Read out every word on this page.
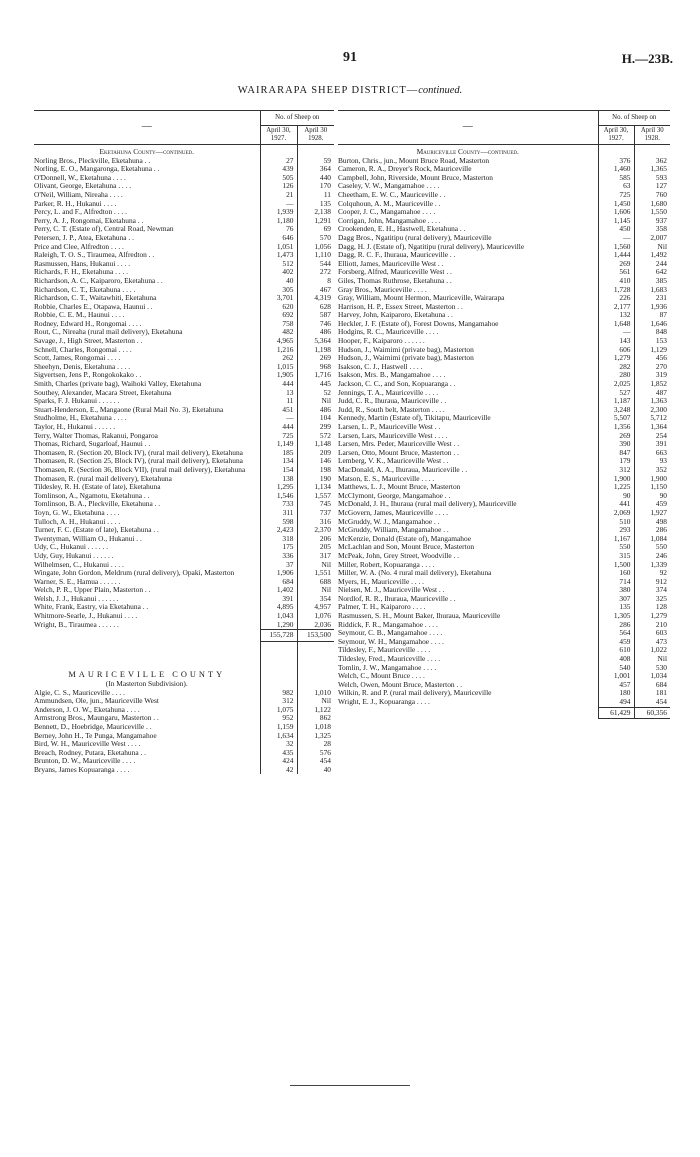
91	H.—23B.
WAIRARAPA SHEEP DISTRICT—continued.
—	No. of Sheep on	
	April 30,
1927.	April 30
1928.
Eketahuna County—continued.		
Norling Bros., Pleckville, Eketahuna . .	27	59
Norling, E. O., Mangaronga, Eketahuna . .	439	364
O'Donnell, W., Eketahuna . . . .	505	440
Olivant, George, Eketahuna . . . .	126	170
O'Neil, William, Nireaha . . . .	21	11
Parker, R. H., Hukanui . . . .	—	135
Percy, L. and F., Alfredton . . . .	1,939	2,138
Perry, A. J., Rongomai, Eketahuna . .	1,180	1,291
Perry, C. T. (Estate of), Central Road, Newman	76	69
Petersen, J. P., Atea, Eketahuna . .	646	570
Price and Clee, Alfredton . . . .	1,051	1,056
Raleigh, T. O. S., Tiraumea, Alfredton . .	1,473	1,110
Rasmussen, Hans, Hukanui . . . .	512	544
Richards, F. H., Eketahuna . . . .	402	272
Richardson, A. C., Kaiparoro, Eketahuna . .	40	8
Richardson, C. T., Eketahuna . . . .	305	467
Richardson, C. T., Waitawhiti, Eketahuna	3,701	4,319
Robbie, Charles E., Otapawa, Haunui . .	620	628
Robbie, C. E. M., Haunui . . . .	692	587
Rodney, Edward H., Rongomai . . . .	758	746
Rout, C., Nireaha (rural mail delivery), Eketahuna	482	486
Savage, J., High Street, Masterton . .	4,965	5,364
Schnell, Charles, Rongomai . . . .	1,216	1,198
Scott, James, Rongomai . . . .	262	269
Sheehyn, Denis, Eketahuna . . . .	1,015	968
Sigvertsen, Jens P., Rongokokako . .	1,905	1,716
Smith, Charles (private bag), Waihoki Valley, Eketahuna	444	445
Southey, Alexander, Macara Street, Eketahuna	13	52
Sparks, F. J. Hukanui . . . . . .	11	Nil
Stuart-Henderson, E., Mangaone (Rural Mail No. 3), Eketahuna	451	486
Studholme, H., Eketahuna . . . .	—	104
Taylor, H., Hukanui . . . . . .	444	299
Terry, Walter Thomas, Rakanui, Pongaroa	725	572
Thomas, Richard, Sugarloaf, Haunui . .	1,149	1,148
Thomasen, R. (Section 20, Block IV), (rural mail delivery), Eketahuna	185	209
Thomasen, R. (Section 25, Block IV), (rural mail delivery), Eketahuna	134	146
Thomasen, R. (Section 36, Block VII), (rural mail delivery), Eketahuna	154	198
Thomasen, R. (rural mail delivery), Eketahuna	138	190
Tildesley, R. H. (Estate of late), Eketahuna	1,295	1,134
Tomlinson, A., Ngamotu, Eketahuna . .	1,546	1,557
Tomlinson, B. A., Pleckville, Eketahuna . .	733	745
Toyn, G. W., Eketahuna . . . .	311	737
Tulloch, A. H., Hukanui . . . .	598	316
Turner, F. C. (Estate of late), Eketahuna . .	2,423	2,370
Twentyman, William O., Hukanui . .	318	206
Udy, C., Hukanui . . . . . .	175	205
Udy, Guy, Hukanui . . . . . .	336	317
Wilhelmsen, C., Hukanui . . . .	37	Nil
Wingate, John Gordon, Meldrum (rural delivery), Opaki, Masterton	1,906	1,551
Warner, S. E., Hamua . . . . . .	684	688
Welch, P. R., Upper Plain, Masterton . .	1,402	Nil
Welsh, J. J., Hukanui . . . . . .	391	354
White, Frank, Eastry, via Eketahuna . .	4,895	4,957
Whitmore-Searle, J., Hukanui . . . .	1,043	1,076
Wright, B., Tiraumea . . . . . .	1,290	2,036
	155,728	153,500
MAURICEVILLE COUNTY		
(In Masterton Subdivision).		
Algie, C. S., Mauriceville . . . .	982	1,010
Ammundsen, Ole, jun., Mauriceville West	312	Nil
Anderson, J. O. W., Eketahuna . . . .	1,075	1,122
Armstrong Bros., Maungaru, Masterton . .	952	862
Bennett, D., Hoebridge, Mauriceville . .	1,159	1,018
Berney, John H., Te Punga, Mangamahoe	1,634	1,325
Bird, W. H., Mauriceville West . . . .	32	28
Breach, Rodney, Putara, Eketahuna . .	435	576
Brunton, D. W., Mauriceville . . . .	424	454
Bryans, James Kopuaranga . . . .	42	40
—	No. of Sheep on	
	April 30,
1927.	April 30
1928.
Mauriceville County—continued.		
Burton, Chris., jun., Mount Bruce Road, Masterton	376	362
Cameron, R. A., Dreyer's Rock, Mauriceville	1,460	1,365
Campbell, John, Riverside, Mount Bruce, Masterton	585	593
Caseley, V. W., Mangamahoe . . . .	63	127
Cheetham, E. W. C., Mauriceville . .	725	760
Colquhoun, A. M., Mauriceville . .	1,450	1,680
Cooper, J. C., Mangamahoe . . . .	1,606	1,550
Corrigan, John, Mangamahoe . . . .	1,145	937
Crookenden, E. H., Hastwell, Eketahuna . .	450	358
Dagg Bros., Ngatitipu (rural delivery), Mauriceville	—	2,007
Dagg, H. J. (Estate of), Ngatitipu (rural delivery), Mauriceville	1,560	Nil
Dagg, R. C. F., Ihuraua, Mauriceville . .	1,444	1,492
Elliott, James, Mauriceville West . .	269	244
Forsberg, Alfred, Mauriceville West . .	561	642
Giles, Thomas Ruthrose, Eketahuna . .	410	385
Gray Bros., Mauriceville . . . .	1,728	1,683
Gray, William, Mount Hermon, Mauriceville, Wairarapa	226	231
Harrison, H. P., Essex Street, Masterton . .	2,177	1,936
Harvey, John, Kaiparoro, Eketahuna . .	132	87
Heckler, J. F. (Estate of), Forest Downs, Mangamahoe	1,648	1,646
Hodgins, R. C., Mauriceville . . . .	—	848
Hooper, F., Kaiparoro . . . . . .	143	153
Hudson, J., Waimimi (private bag), Masterton	606	1,129
Hudson, J., Waimimi (private bag), Masterton	1,279	456
Isakson, C. J., Hastwell . . . .	282	270
Isakson, Mrs. B., Mangamahoe . . . .	280	319
Jackson, C. C., and Son, Kopuaranga . .	2,025	1,852
Jennings, T. A., Mauriceville . . . .	527	487
Judd, C. R., Ihuraua, Mauriceville . .	1,187	1,363
Judd, R., South belt, Masterton . . . .	3,248	2,300
Kennedy, Martin (Estate of), Tikitapu, Mauriceville	5,507	5,712
Larsen, L. P., Mauriceville West . .	1,356	1,364
Larsen, Lars, Mauriceville West . . . .	269	254
Larsen, Mrs. Peder, Mauriceville West . .	390	391
Larsen, Otto, Mount Bruce, Masterton . .	847	663
Lemberg, V. K., Mauriceville West . .	179	93
MacDonald, A. A., Ihuraua, Mauriceville . .	312	352
Matson, E. S., Mauriceville . . . .	1,900	1,900
Matthews, L. J., Mount Bruce, Masterton	1,225	1,150
McClymont, George, Mangamahoe . .	90	90
McDonald, J. H., Ihuraua (rural mail delivery), Mauriceville	441	459
McGovern, James, Mauriceville . . . .	2,069	1,927
McGruddy, W. J., Mangamahoe . .	510	498
McGruddy, William, Mangamahoe . .	293	286
McKenzie, Donald (Estate of), Mangamahoe	1,167	1,084
McLachlan and Son, Mount Bruce, Masterton	550	550
McPeak, John, Grey Street, Woodville . .	315	246
Miller, Robert, Kopuaranga . . . .	1,500	1,339
Miller, W. A. (No. 4 rural mail delivery), Eketahuna	160	92
Myers, H., Mauriceville . . . .	714	912
Nielsen, M. J., Mauriceville West . .	380	374
Nordlof, R. R., Ihuraua, Mauriceville . .	307	325
Palmer, T. H., Kaiparoro . . . .	135	128
Rasmussen, S. H., Mount Baker, Ihuraua, Mauriceville	1,305	1,279
Riddick, F. R., Mangamahoe . . . .	286	210
Seymour, C. B., Mangamahoe . . . .	564	603
Seymour, W. H., Mangamahoe . . . .	459	473
Tildesley, F., Mauriceville . . . .	610	1,022
Tildesley, Fred., Mauriceville . . . .	408	Nil
Tomlin, J. W., Mangamahoe . . . .	540	530
Welch, C., Mount Bruce . . . .	1,001	1,034
Welch, Owen, Mount Bruce, Masterton . .	457	684
Wilkin, R. and P. (rural mail delivery), Mauriceville	180	181
Wright, E. J., Kopuaranga . . . .	494	454
	61,429	60,356
